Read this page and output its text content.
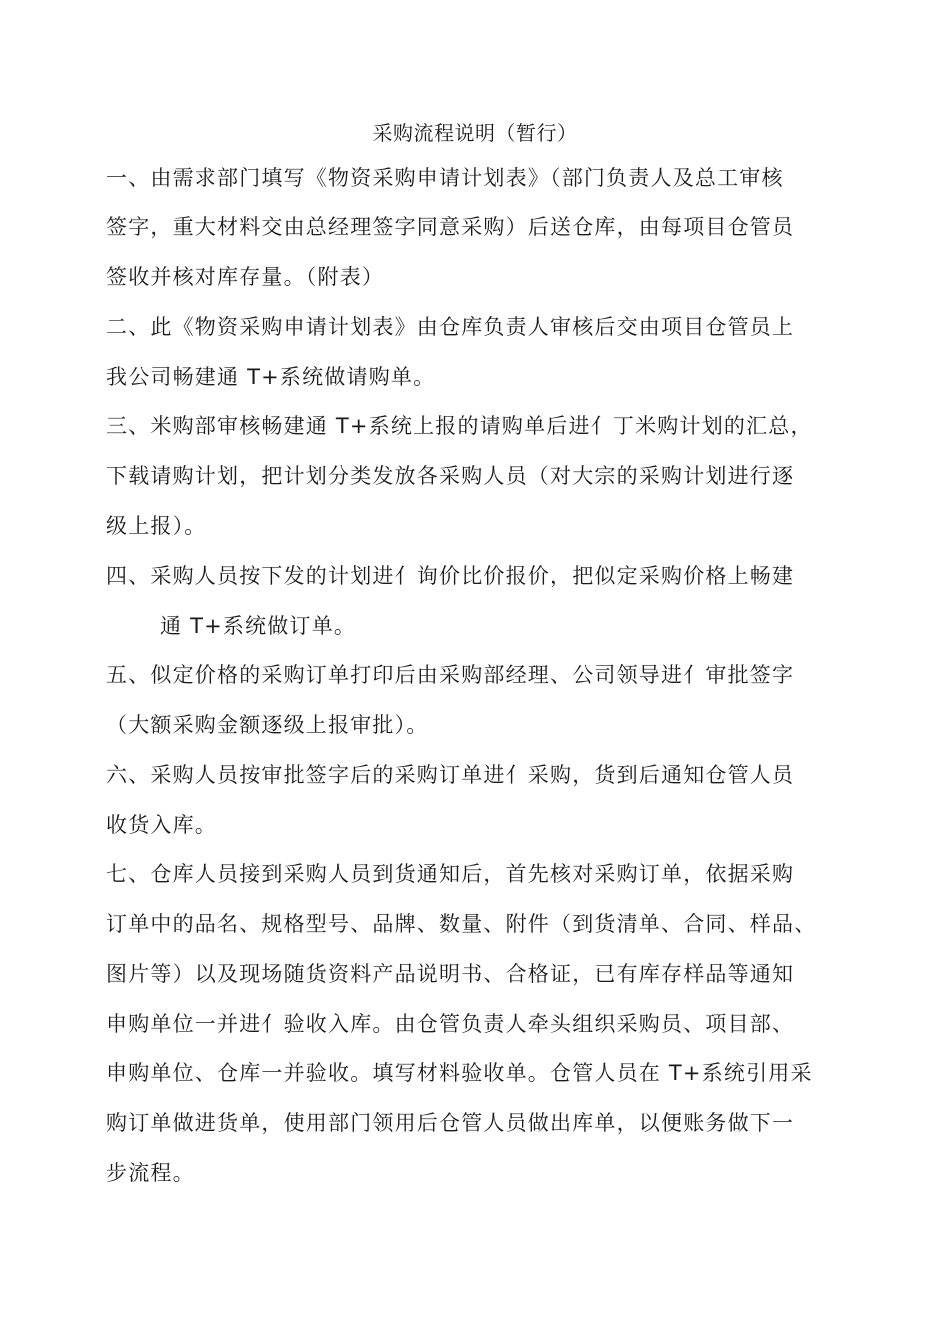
采购流程说明（暂行）
一、由需求部门填写《物资采购申请计划表》（部门负责人及总工审核
签字，重大材料交由总经理签字同意采购）后送仓库，由每项目仓管员
签收并核对库存量。（附表）
二、此《物资采购申请计划表》由仓库负责人审核后交由项目仓管员上
我公司畅建通 T+系统做请购单。
三、米购部审核畅建通 T+系统上报的请购单后进亻丁米购计划的汇总，
下载请购计划，把计划分类发放各采购人员（对大宗的采购计划进行逐
级上报）。
四、采购人员按下发的计划进亻询价比价报价，把似定采购价格上畅建
通 T+系统做订单。
五、似定价格的采购订单打印后由采购部经理、公司领导进亻审批签字
（大额采购金额逐级上报审批）。
六、采购人员按审批签字后的采购订单进亻采购，货到后通知仓管人员
收货入库。
七、仓库人员接到采购人员到货通知后，首先核对采购订单，依据采购
订单中的品名、规格型号、品牌、数量、附件（到货清单、合同、样品、
图片等）以及现场随货资料产品说明书、合格证，已有库存样品等通知
申购单位一并进亻验收入库。由仓管负责人牵头组织采购员、项目部、
申购单位、仓库一并验收。填写材料验收单。仓管人员在 T+系统引用采
购订单做进货单，使用部门领用后仓管人员做出库单，以便账务做下一
步流程。
